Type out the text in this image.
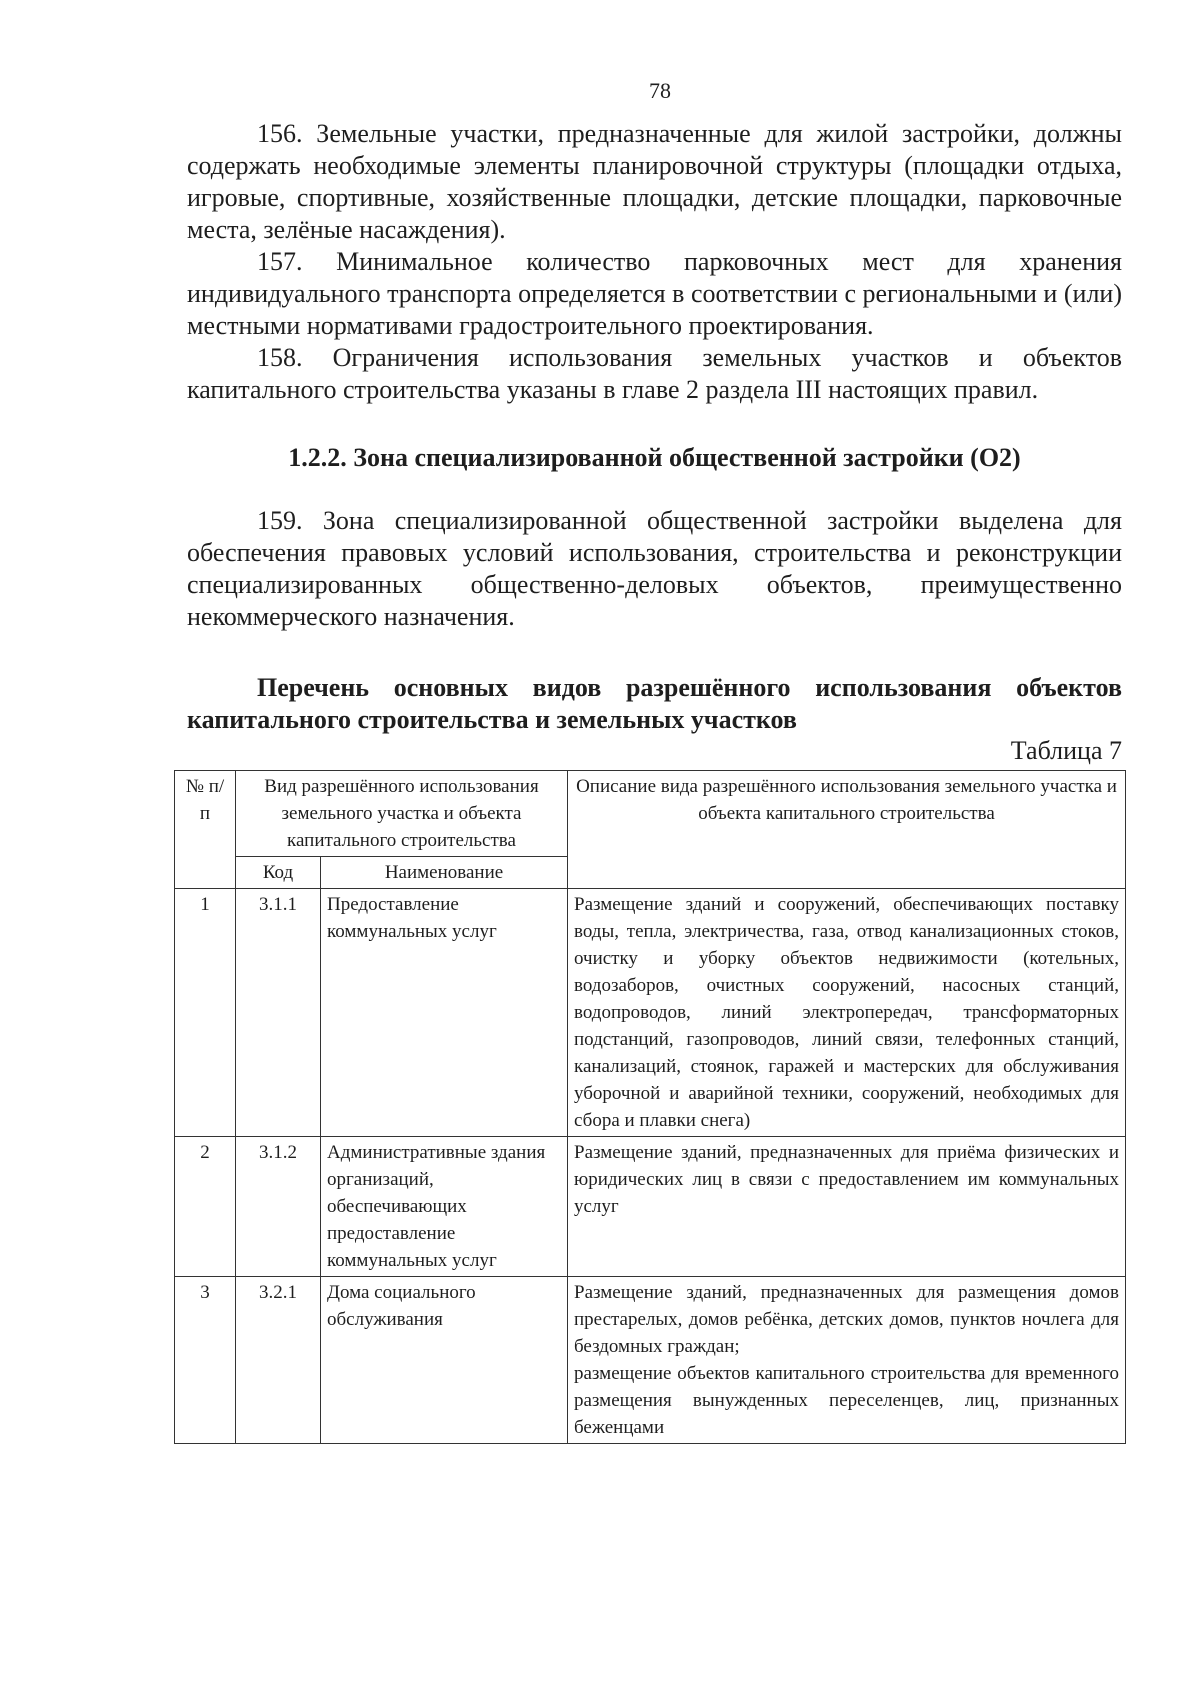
78

156. Земельные участки, предназначенные для жилой застройки, должны содержать необходимые элементы планировочной структуры (площадки отдыха, игровые, спортивные, хозяйственные площадки, детские площадки, парковочные места, зелёные насаждения).

157. Минимальное количество парковочных мест для хранения индивидуального транспорта определяется в соответствии с региональными и (или) местными нормативами градостроительного проектирования.

158. Ограничения использования земельных участков и объектов капитального строительства указаны в главе 2 раздела III настоящих правил.

1.2.2. Зона специализированной общественной застройки (О2)

159. Зона специализированной общественной застройки выделена для обеспечения правовых условий использования, строительства и реконструкции специализированных общественно-деловых объектов, преимущественно некоммерческого назначения.

Перечень основных видов разрешённого использования объектов капитального строительства и земельных участков
Таблица 7
№ п/п	Вид разрешённого использования земельного участка и объекта капитального строительства		Описание вида разрешённого использования земельного участка и объекта капитального строительства
	Код	Наименование	
1	3.1.1	Предоставление коммунальных услуг	Размещение зданий и сооружений, обеспечивающих поставку воды, тепла, электричества, газа, отвод канализационных стоков, очистку и уборку объектов недвижимости (котельных, водозаборов, очистных сооружений, насосных станций, водопроводов, линий электропередач, трансформаторных подстанций, газопроводов, линий связи, телефонных станций, канализаций, стоянок, гаражей и мастерских для обслуживания уборочной и аварийной техники, сооружений, необходимых для сбора и плавки снега)
2	3.1.2	Административные здания организаций, обеспечивающих предоставление коммунальных услуг	Размещение зданий, предназначенных для приёма физических и юридических лиц в связи с предоставлением им коммунальных услуг
3	3.2.1	Дома социального обслуживания	Размещение зданий, предназначенных для размещения домов престарелых, домов ребёнка, детских домов, пунктов ночлега для бездомных граждан;
размещение объектов капитального строительства для временного размещения вынужденных переселенцев, лиц, признанных беженцами
